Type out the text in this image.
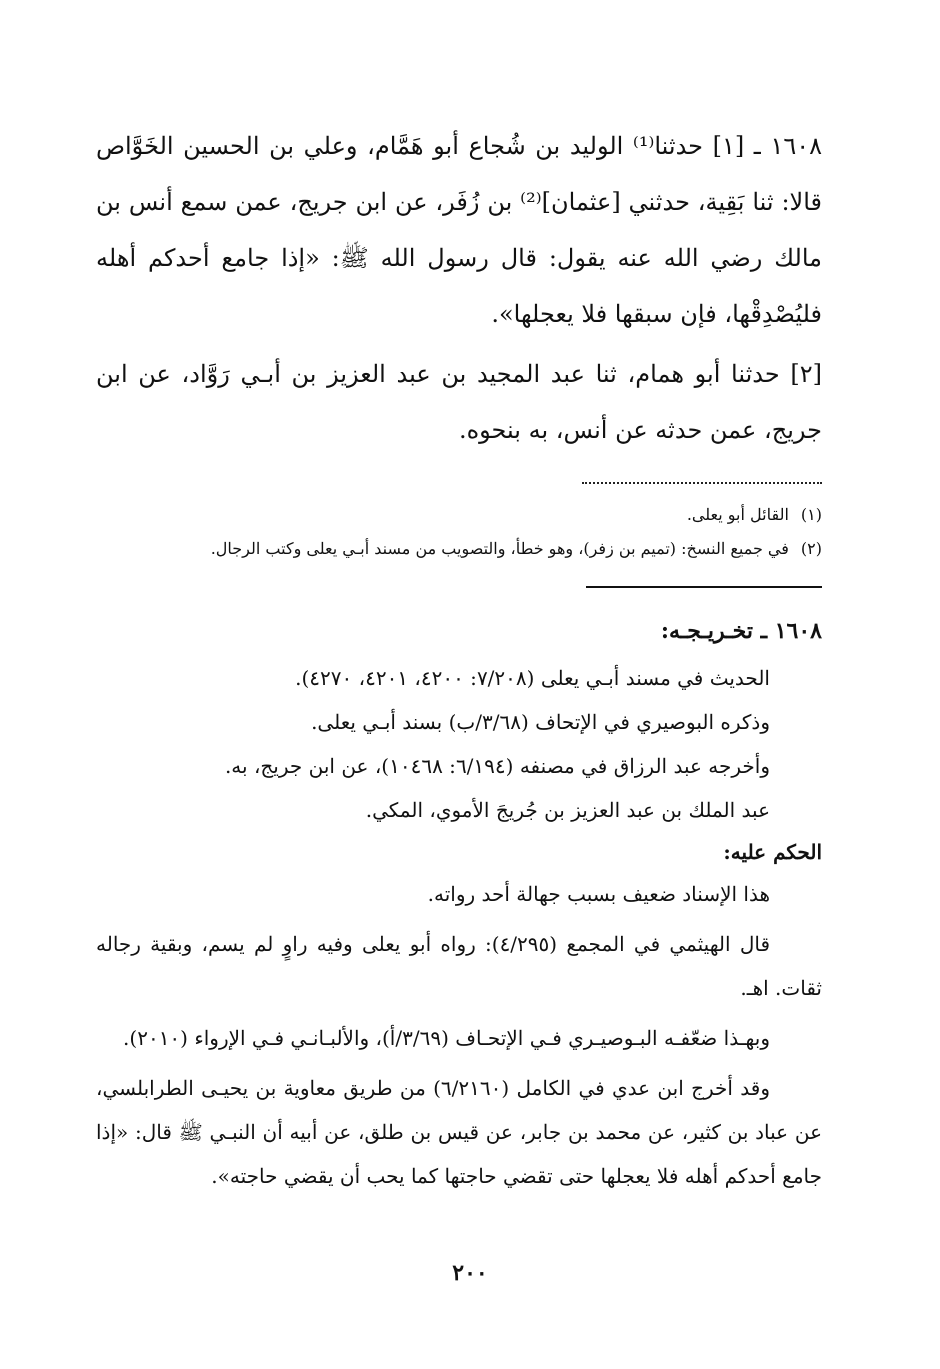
١٦٠٨ ـ [١] حدثنا⁽¹⁾ الوليد بن شُجاع أبو هَمَّام، وعلي بن الحسين الخَوَّاص قالا: ثنا بَقِية، حدثني [عثمان]⁽²⁾ بن زُفَر، عن ابن جريج، عمن سمع أنس بن مالك رضي الله عنه يقول: قال رسول الله ﷺ: «إذا جامع أحدكم أهله فليُصْدِقْها، فإن سبقها فلا يعجلها».

[٢] حدثنا أبو همام، ثنا عبد المجيد بن عبد العزيز بن أبـي رَوَّاد، عن ابن جريج، عمن حدثه عن أنس، به بنحوه.

(١)القائل أبو يعلى.

(٢)في جميع النسخ: (تميم بن زفر)، وهو خطأ، والتصويب من مسند أبـي يعلى وكتب الرجال.

١٦٠٨ ـ تخـريـجـه:

الحديث في مسند أبـي يعلى (٧/٢٠٨: ٤٢٠٠، ٤٢٠١، ٤٢٧٠).

وذكره البوصيري في الإتحاف (٣/٦٨/ب) بسند أبـي يعلى.

وأخرجه عبد الرزاق في مصنفه (٦/١٩٤: ١٠٤٦٨)، عن ابن جريج، به.

عبد الملك بن عبد العزيز بن جُريجَ الأموي، المكي.

الحكم عليه:

هذا الإسناد ضعيف بسبب جهالة أحد رواته.

قال الهيثمي في المجمع (٤/٢٩٥): رواه أبو يعلى وفيه راوٍ لم يسم، وبقية رجاله ثقات. اهـ.

وبهـذا ضعّفـه البـوصيـري فـي الإتحـاف (٣/٦٩/أ)، والألبـانـي فـي الإرواء (٢٠١٠).

وقد أخرج ابن عدي في الكامل (٦/٢١٦٠) من طريق معاوية بن يحيـى الطرابلسي، عن عباد بن كثير، عن محمد بن جابر، عن قيس بن طلق، عن أبيه أن النبـي ﷺ قال: «إذا جامع أحدكم أهله فلا يعجلها حتى تقضي حاجتها كما يحب أن يقضي حاجته».

٢٠٠
